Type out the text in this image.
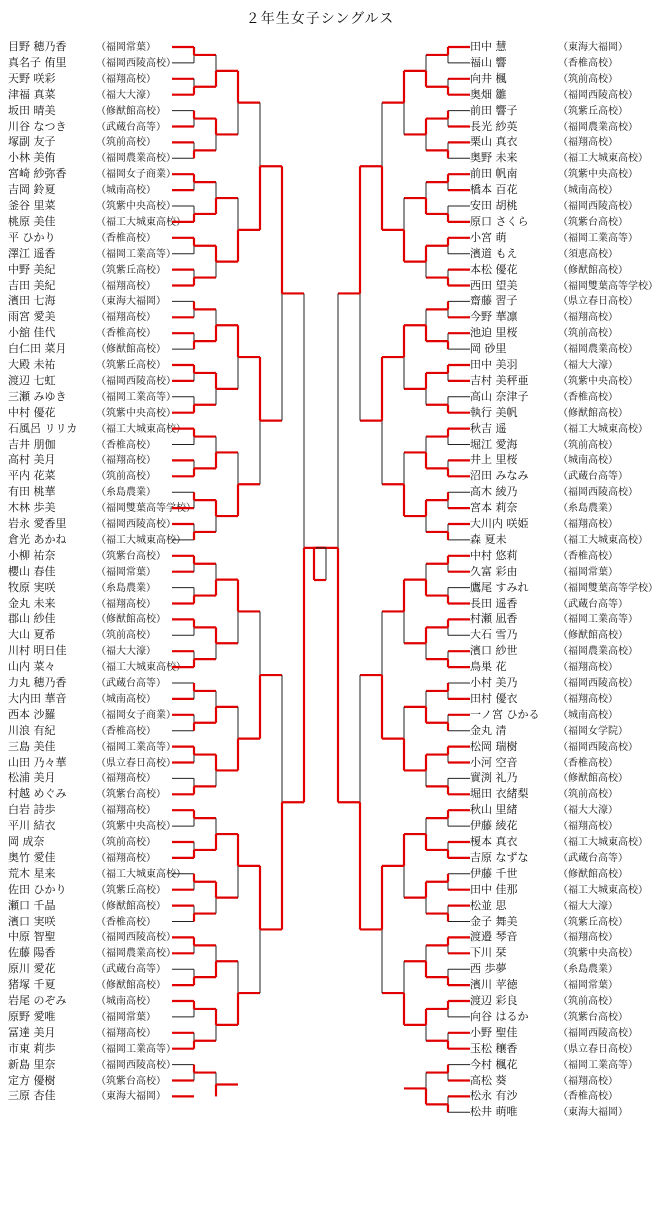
２年生女子シングルス
目野 穂乃香	（福岡常葉）
真名子 侑里	（福岡西陵高校）
天野 咲彩	（福翔高校）
津福 真菜	（福大大濠）
坂田 晴美	（修猷館高校）
川谷 なつき	（武蔵台高等）
塚副 友子	（筑前高校）
小林 美侑	（福岡農業高校）
宮崎 紗弥香	（福岡女子商業）
吉岡 鈴夏	（城南高校）
釜谷 里菜	（筑紫中央高校）
桃原 美佳	（福工大城東高校）
平 ひかり	（香椎高校）
澤江 遥香	（福岡工業高等）
中野 美紀	（筑紫丘高校）
吉田 美紀	（福翔高校）
濱田 七海	（東海大福岡）
雨宮 愛美	（福翔高校）
小舘 佳代	（香椎高校）
白仁田 菜月	（修猷館高校）
大殿 未祐	（筑紫丘高校）
渡辺 七虹	（福岡西陵高校）
三瀬 みゆき	（福岡工業高等）
中村 優花	（筑紫中央高校）
石風呂 リリカ （福工大城東高校）
吉井 朋伽	（香椎高校）
高村 美月	（福翔高校）
平内 花菜	（筑前高校）
有田 桃華	（糸島農業）
木林 歩美	（福岡雙葉高等学校）
岩永 愛香里	（福岡西陵高校）
倉光 あかね	（福工大城東高校）
小柳 祐奈	（筑紫台高校）
櫻山 春佳	（福岡常葉）
牧原 実咲	（糸島農業）
金丸 未来	（福翔高校）
郡山 紗佳	（修猷館高校）
大山 夏希	（筑前高校）
川村 明日佳	（福大大濠）
山内 菜々	（福工大城東高校）
力丸 穂乃香	（武蔵台高等）
大内田 華音	（城南高校）
西本 沙羅	（福岡女子商業）
川浪 有紀	（香椎高校）
三島 美佳	（福岡工業高等）
山田 乃々華	（県立春日高校）
松浦 美月	（福翔高校）
村越 めぐみ	（筑紫台高校）
白岩 詩歩	（福翔高校）
平川 結衣	（筑紫中央高校）
岡 成奈	（筑前高校）
奥竹 愛佳	（福翔高校）
荒木 星来	（福工大城東高校）
佐田 ひかり	（筑紫丘高校）
瀬口 千晶	（修猷館高校）
濱口 実咲	（香椎高校）
中原 智聖	（福岡西陵高校）
佐藤 陽香	（福岡農業高校）
原川 愛花	（武蔵台高等）
猪塚 千夏	（修猷館高校）
岩尾 のぞみ	（城南高校）
原野 愛唯	（福岡常葉）
冨達 美月	（福翔高校）
市東 莉歩	（福岡工業高等）
新島 里奈	（福岡西陵高校）
定方 優樹	（筑紫台高校）
三原 杏佳	（東海大福岡）
田中 慧	（東海大福岡）
福山 響	（香椎高校）
向井 楓	（筑前高校）
奥畑 雛	（福岡西陵高校）
前田 響子	（筑紫丘高校）
長光 紗英	（福岡農業高校）
栗山 真衣	（福翔高校）
奥野 未来	（福工大城東高校）
前田 帆南	（筑紫中央高校）
橋本 百花	（城南高校）
安田 胡桃	（福岡西陵高校）
原口 さくら	（筑紫台高校）
小宮 萌	（福岡工業高等）
濱道 もえ	（須恵高校）
本松 優花	（修猷館高校）
西田 望美	（福岡雙葉高等学校）
齋藤 習子	（県立春日高校）
今野 華凛	（福翔高校）
池迫 里桜	（筑前高校）
岡 砂里	（福岡農業高校）
田中 美羽	（福大大濠）
吉村 美秤亜	（筑紫中央高校）
高山 奈津子	（香椎高校）
執行 美帆	（修猷館高校）
秋吉 遥	（福工大城東高校）
堀江 愛海	（筑前高校）
井上 里桜	（城南高校）
沼田 みなみ	（武蔵台高等）
高木 綾乃	（福岡西陵高校）
宮本 莉奈	（糸島農業）
大川内 咲姫	（福翔高校）
森 夏未	（福工大城東高校）
中村 悠莉	（香椎高校）
久富 彩由	（福岡常葉）
鷹尾 すみれ	（福岡雙葉高等学校）
長田 遥香	（武蔵台高等）
村瀬 凪香	（福岡工業高等）
大石 雪乃	（修猷館高校）
濱口 紗世	（福岡農業高校）
鳥巣 花	（福翔高校）
小村 美乃	（福岡西陵高校）
田村 優衣	（福翔高校）
一ノ宮 ひかる （城南高校）
金丸 清	（福岡女学院）
松岡 瑞樹	（福岡西陵高校）
小河 空音	（香椎高校）
實渕 礼乃	（修猷館高校）
堀田 衣緒梨	（筑前高校）
秋山 里緒	（福大大濠）
伊藤 綾花	（福翔高校）
榎本 真衣	（福工大城東高校）
吉原 なずな	（武蔵台高等）
伊藤 千世	（修猷館高校）
田中 佳那	（福工大城東高校）
松並 思	（福大大濠）
金子 舞美	（筑紫丘高校）
渡邉 琴音	（福翔高校）
下川 栞	（筑紫中央高校）
西 歩夢	（糸島農業）
濱川 苹徳	（福岡常葉）
渡辺 彩良	（筑前高校）
向谷 はるか	（筑紫台高校）
小野 聖佳	（福岡西陵高校）
玉松 穰香	（県立春日高校）
今村 楓花	（福岡工業高等）
高松 葵	（福翔高校）
松永 有沙	（香椎高校）
松井 萌唯	（東海大福岡）
